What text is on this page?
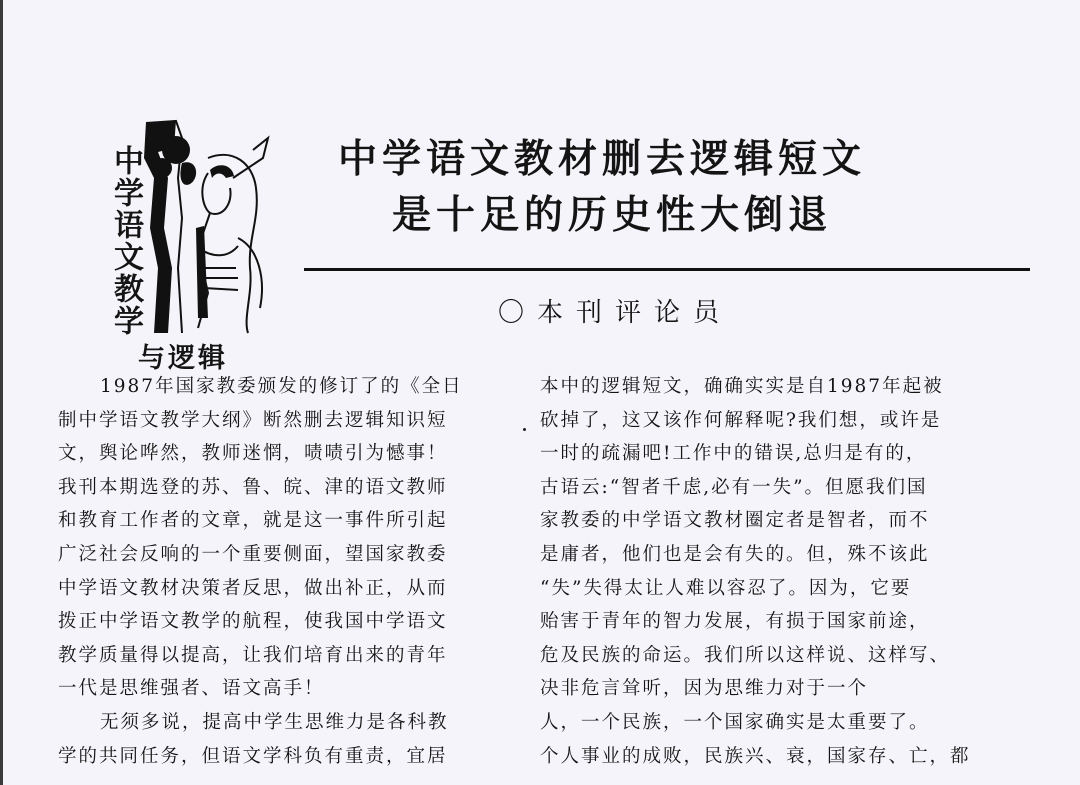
中学语文教学
与逻辑
中学语文教材删去逻辑短文
是十足的历史性大倒退
〇本刊评论员
1987年国家教委颁发的修订了的《全日
制中学语文教学大纲》断然删去逻辑知识短
文，舆论哗然，教师迷惘，啧啧引为憾事！
我刊本期选登的苏、鲁、皖、津的语文教师
和教育工作者的文章，就是这一事件所引起
广泛社会反响的一个重要侧面，望国家教委
中学语文教材决策者反思，做出补正，从而
拨正中学语文教学的航程，使我国中学语文
教学质量得以提高，让我们培育出来的青年
一代是思维强者、语文高手！
无须多说，提高中学生思维力是各科教
学的共同任务，但语文学科负有重责，宜居
本中的逻辑短文，确确实实是自1987年起被
砍掉了，这又该作何解释呢?我们想，或许是
一时的疏漏吧!工作中的错误,总归是有的，
古语云:“智者千虑,必有一失”。但愿我们国
家教委的中学语文教材圈定者是智者，而不
是庸者，他们也是会有失的。但，殊不该此
“失”失得太让人难以容忍了。因为，它要
贻害于青年的智力发展，有损于国家前途，
危及民族的命运。我们所以这样说、这样写、
决非危言耸听，因为思维力对于一个
人，一个民族，一个国家确实是太重要了。
个人事业的成败，民族兴、衰，国家存、亡，都
